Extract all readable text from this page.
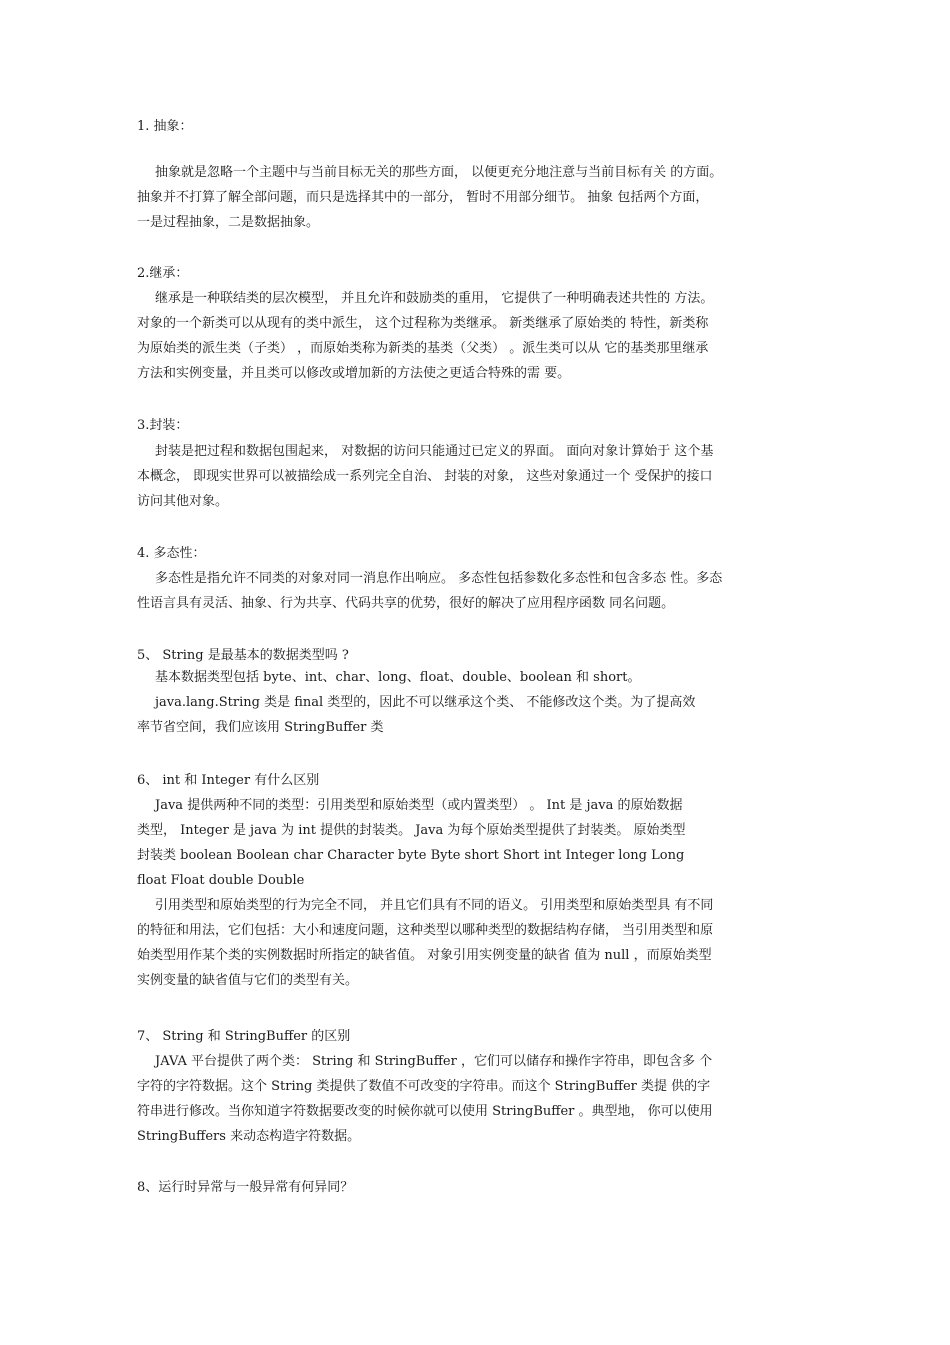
1. 抽象：
抽象就是忽略一个主题中与当前目标无关的那些方面， 以便更充分地注意与当前目标有关 的方面。
抽象并不打算了解全部问题，而只是选择其中的一部分， 暂时不用部分细节。 抽象 包括两个方面，
一是过程抽象，二是数据抽象。
2.继承：
继承是一种联结类的层次模型， 并且允许和鼓励类的重用， 它提供了一种明确表述共性的 方法。
对象的一个新类可以从现有的类中派生， 这个过程称为类继承。 新类继承了原始类的 特性，新类称
为原始类的派生类（子类） ，而原始类称为新类的基类（父类） 。派生类可以从 它的基类那里继承
方法和实例变量，并且类可以修改或增加新的方法使之更适合特殊的需 要。
3.封装：
封装是把过程和数据包围起来， 对数据的访问只能通过已定义的界面。 面向对象计算始于 这个基
本概念， 即现实世界可以被描绘成一系列完全自治、 封装的对象， 这些对象通过一个 受保护的接口
访问其他对象。
4. 多态性：
多态性是指允许不同类的对象对同一消息作出响应。 多态性包括参数化多态性和包含多态 性。多态
性语言具有灵活、抽象、行为共享、代码共享的优势，很好的解决了应用程序函数 同名问题。
5、 String 是最基本的数据类型吗 ?
基本数据类型包括 byte、int、char、long、float、double、boolean 和 short。
java.lang.String 类是 final 类型的，因此不可以继承这个类、 不能修改这个类。为了提高效
率节省空间，我们应该用 StringBuffer 类
6、 int 和 Integer 有什么区别
Java 提供两种不同的类型：引用类型和原始类型（或内置类型） 。 Int 是 java 的原始数据
类型， Integer 是 java 为 int 提供的封装类。 Java 为每个原始类型提供了封装类。 原始类型
封装类 boolean Boolean char Character byte Byte short Short int Integer long Long
float Float double Double
引用类型和原始类型的行为完全不同， 并且它们具有不同的语义。 引用类型和原始类型具 有不同
的特征和用法，它们包括：大小和速度问题，这种类型以哪种类型的数据结构存储， 当引用类型和原
始类型用作某个类的实例数据时所指定的缺省值。 对象引用实例变量的缺省 值为 null ，而原始类型
实例变量的缺省值与它们的类型有关。
7、 String 和 StringBuffer 的区别
JAVA 平台提供了两个类： String 和 StringBuffer ，它们可以储存和操作字符串，即包含多 个
字符的字符数据。这个 String 类提供了数值不可改变的字符串。而这个 StringBuffer 类提 供的字
符串进行修改。当你知道字符数据要改变的时候你就可以使用 StringBuffer 。典型地， 你可以使用
StringBuffers 来动态构造字符数据。
8、运行时异常与一般异常有何异同？
